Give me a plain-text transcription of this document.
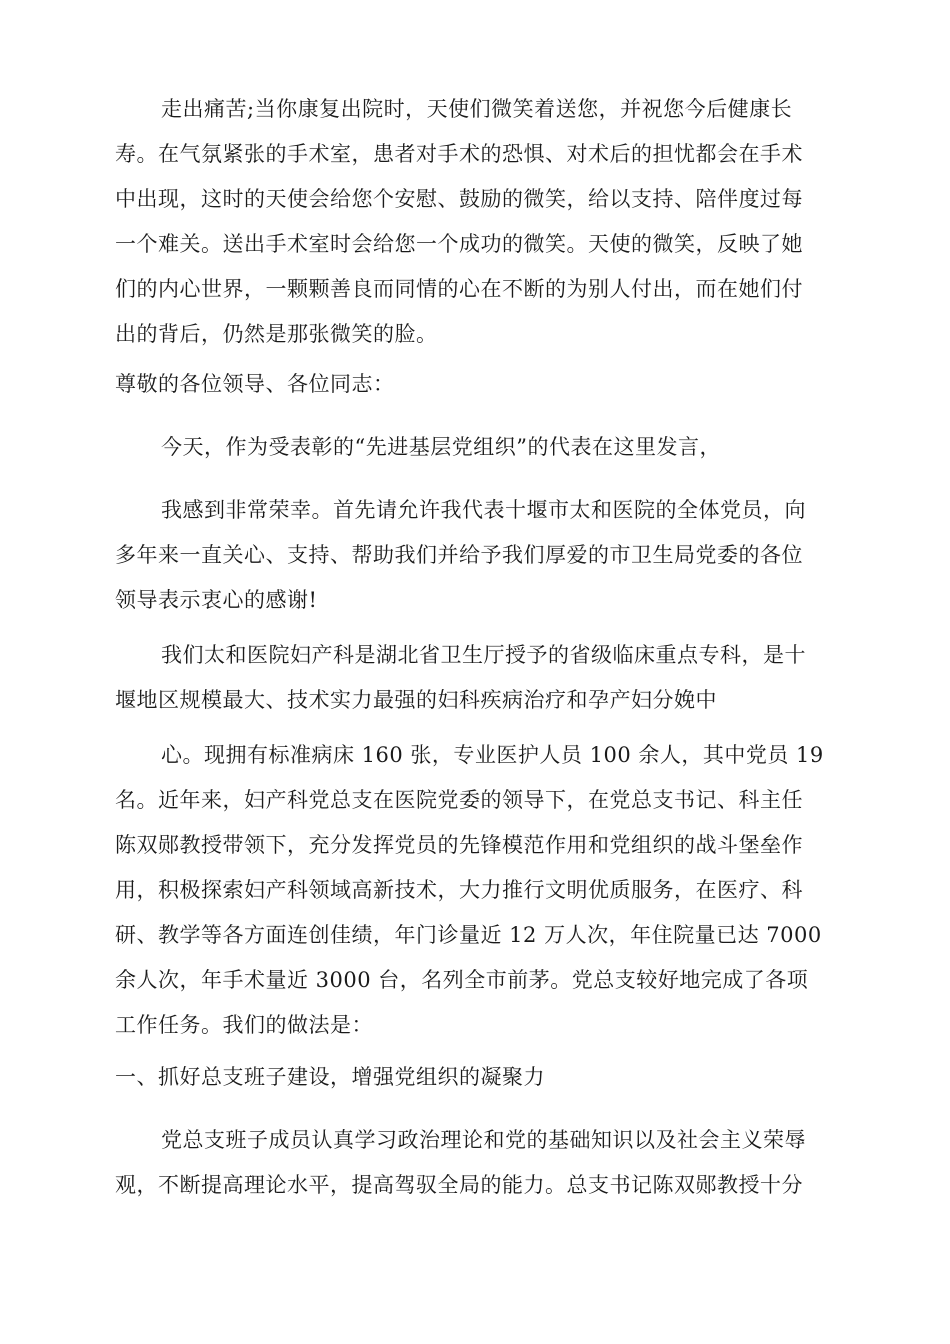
走出痛苦;当你康复出院时，天使们微笑着送您，并祝您今后健康长
寿。在气氛紧张的手术室，患者对手术的恐惧、对术后的担忧都会在手术
中出现，这时的天使会给您个安慰、鼓励的微笑，给以支持、陪伴度过每
一个难关。送出手术室时会给您一个成功的微笑。天使的微笑，反映了她
们的内心世界，一颗颗善良而同情的心在不断的为别人付出，而在她们付
出的背后，仍然是那张微笑的脸。

尊敬的各位领导、各位同志：

今天，作为受表彰的“先进基层党组织”的代表在这里发言，

我感到非常荣幸。首先请允许我代表十堰市太和医院的全体党员，向
多年来一直关心、支持、帮助我们并给予我们厚爱的市卫生局党委的各位
领导表示衷心的感谢!

我们太和医院妇产科是湖北省卫生厅授予的省级临床重点专科，是十
堰地区规模最大、技术实力最强的妇科疾病治疗和孕产妇分娩中

心。现拥有标准病床 160 张，专业医护人员 100 余人，其中党员 19
名。近年来，妇产科党总支在医院党委的领导下，在党总支书记、科主任
陈双郧教授带领下，充分发挥党员的先锋模范作用和党组织的战斗堡垒作
用，积极探索妇产科领域高新技术，大力推行文明优质服务，在医疗、科
研、教学等各方面连创佳绩，年门诊量近 12 万人次，年住院量已达 7000
余人次，年手术量近 3000 台，名列全市前茅。党总支较好地完成了各项
工作任务。我们的做法是：

一、抓好总支班子建设，增强党组织的凝聚力

党总支班子成员认真学习政治理论和党的基础知识以及社会主义荣辱
观，不断提高理论水平，提高驾驭全局的能力。总支书记陈双郧教授十分
